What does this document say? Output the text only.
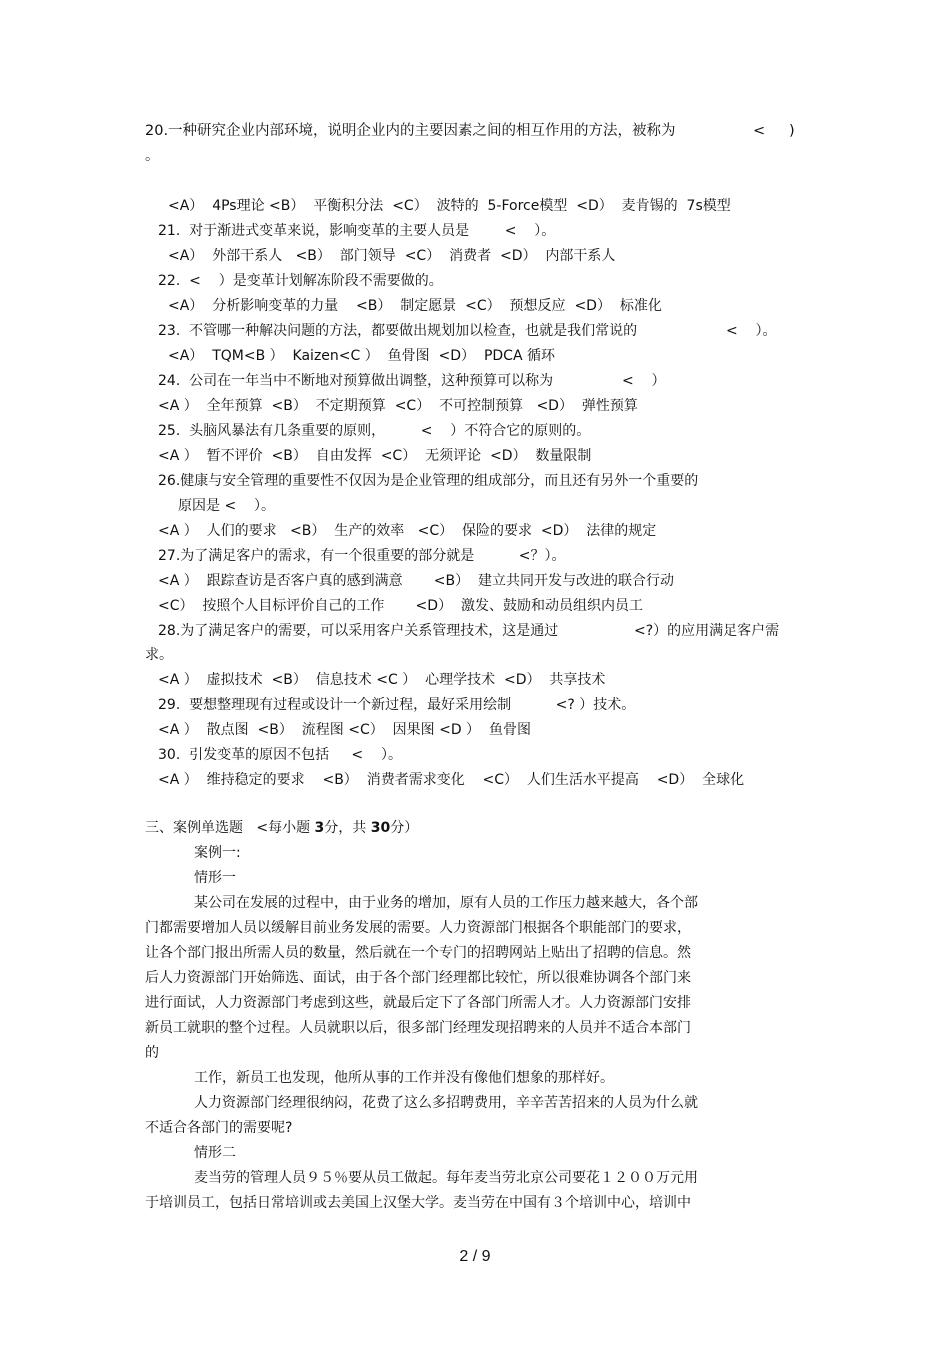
20.一种研究企业内部环境，说明企业内的主要因素之间的相互作用的方法，被称为	< )
。
<A）  4Ps理论 <B）  平衡积分法  <C）  波特的  5-Force模型  <D）  麦肯锡的  7s模型
21.  对于渐进式变革来说，影响变革的主要人员是        <    ）。
<A）  外部干系人   <B）  部门领导  <C）  消费者  <D）  内部干系人
22.  <    ）是变革计划解冻阶段不需要做的。
<A）  分析影响变革的力量    <B）  制定愿景  <C）  预想反应  <D）  标准化
23.  不管哪一种解决问题的方法，都要做出规划加以检查，也就是我们常说的	<    ）。
<A）  TQM<B ）  Kaizen<C ）  鱼骨图  <D）  PDCA 循环
24.  公司在一年当中不断地对预算做出调整，这种预算可以称为	<    ）
<A ）  全年预算  <B）  不定期预算  <C）  不可控制预算   <D）  弹性预算
25.  头脑风暴法有几条重要的原则，        <    ）不符合它的原则的。
<A ）  暂不评价  <B）  自由发挥  <C）  无须评论  <D）  数量限制
26.健康与安全管理的重要性不仅因为是企业管理的组成部分，而且还有另外一个重要的
原因是 <    ）。
<A ）  人们的要求   <B）  生产的效率   <C）  保险的要求  <D）  法律的规定
27.为了满足客户的需求，有一个很重要的部分就是          <？）。
<A ）  跟踪查访是否客户真的感到满意       <B）  建立共同开发与改进的联合行动
<C）  按照个人目标评价自己的工作       <D）  激发、鼓励和动员组织内员工
28.为了满足客户的需要，可以采用客户关系管理技术，这是通过	<?）的应用满足客户需
求。
<A ）  虚拟技术  <B）  信息技术 <C ）  心理学技术  <D）  共享技术
29.  要想整理现有过程或设计一个新过程，最好采用绘制          <? ）技术。
<A ）  散点图  <B）  流程图 <C）  因果图 <D ）  鱼骨图
30.  引发变革的原因不包括     <    ）。
<A ）  维持稳定的要求    <B）  消费者需求变化    <C）  人们生活水平提高    <D）  全球化
三、案例单选题   <每小题 3分，共 30分）
案例一:
情形一
某公司在发展的过程中，由于业务的增加，原有人员的工作压力越来越大，各个部
门都需要增加人员以缓解目前业务发展的需要。人力资源部门根据各个职能部门的要求，
让各个部门报出所需人员的数量，然后就在一个专门的招聘网站上贴出了招聘的信息。然
后人力资源部门开始筛选、面试，由于各个部门经理都比较忙，所以很难协调各个部门来
进行面试，人力资源部门考虑到这些，就最后定下了各部门所需人才。人力资源部门安排
新员工就职的整个过程。人员就职以后，很多部门经理发现招聘来的人员并不适合本部门
的
工作，新员工也发现，他所从事的工作并没有像他们想象的那样好。
人力资源部门经理很纳闷，花费了这么多招聘费用，辛辛苦苦招来的人员为什么就
不适合各部门的需要呢?
情形二
麦当劳的管理人员９５％要从员工做起。每年麦当劳北京公司要花１２００万元用
于培训员工，包括日常培训或去美国上汉堡大学。麦当劳在中国有３个培训中心，培训中
2 / 9
